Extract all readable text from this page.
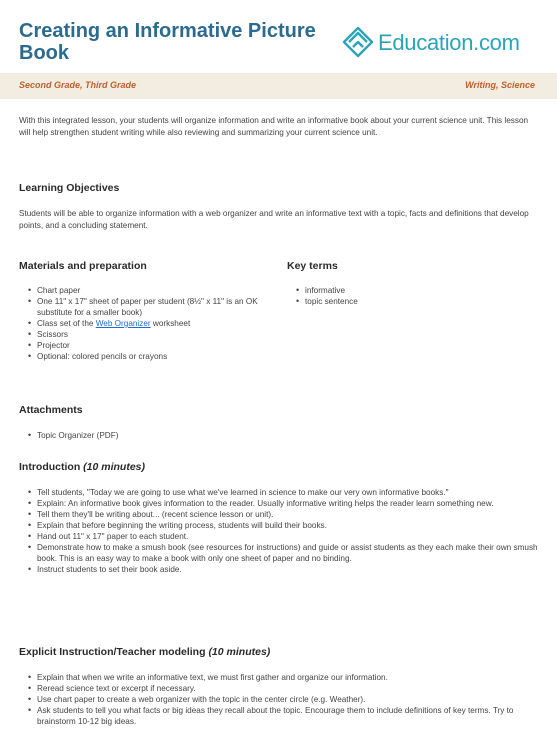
Creating an Informative Picture Book	Education.com
Second Grade, Third Grade	Writing, Science
With this integrated lesson, your students will organize information and write an informative book about your current science unit. This lesson will help strengthen student writing while also reviewing and summarizing your current science unit.
Learning Objectives
Students will be able to organize information with a web organizer and write an informative text with a topic, facts and definitions that develop points, and a concluding statement.
Materials and preparation	Key terms
• Chart paper
• One 11" x 17" sheet of paper per student (8½" x 11" is an OK substitute for a smaller book)
• Class set of the Web Organizer worksheet
• Scissors
• Projector
• Optional: colored pencils or crayons
• informative
• topic sentence
Attachments
• Topic Organizer (PDF)
Introduction (10 minutes)
• Tell students, "Today we are going to use what we've learned in science to make our very own informative books."
• Explain: An informative book gives information to the reader. Usually informative writing helps the reader learn something new.
• Tell them they'll be writing about... (recent science lesson or unit).
• Explain that before beginning the writing process, students will build their books.
• Hand out 11" x 17" paper to each student.
• Demonstrate how to make a smush book (see resources for instructions) and guide or assist students as they each make their own smush book. This is an easy way to make a book with only one sheet of paper and no binding.
• Instruct students to set their book aside.
Explicit Instruction/Teacher modeling (10 minutes)
• Explain that when we write an informative text, we must first gather and organize our information.
• Reread science text or excerpt if necessary.
• Use chart paper to create a web organizer with the topic in the center circle (e.g. Weather).
• Ask students to tell you what facts or big ideas they recall about the topic. Encourage them to include definitions of key terms. Try to brainstorm 10-12 big ideas.
